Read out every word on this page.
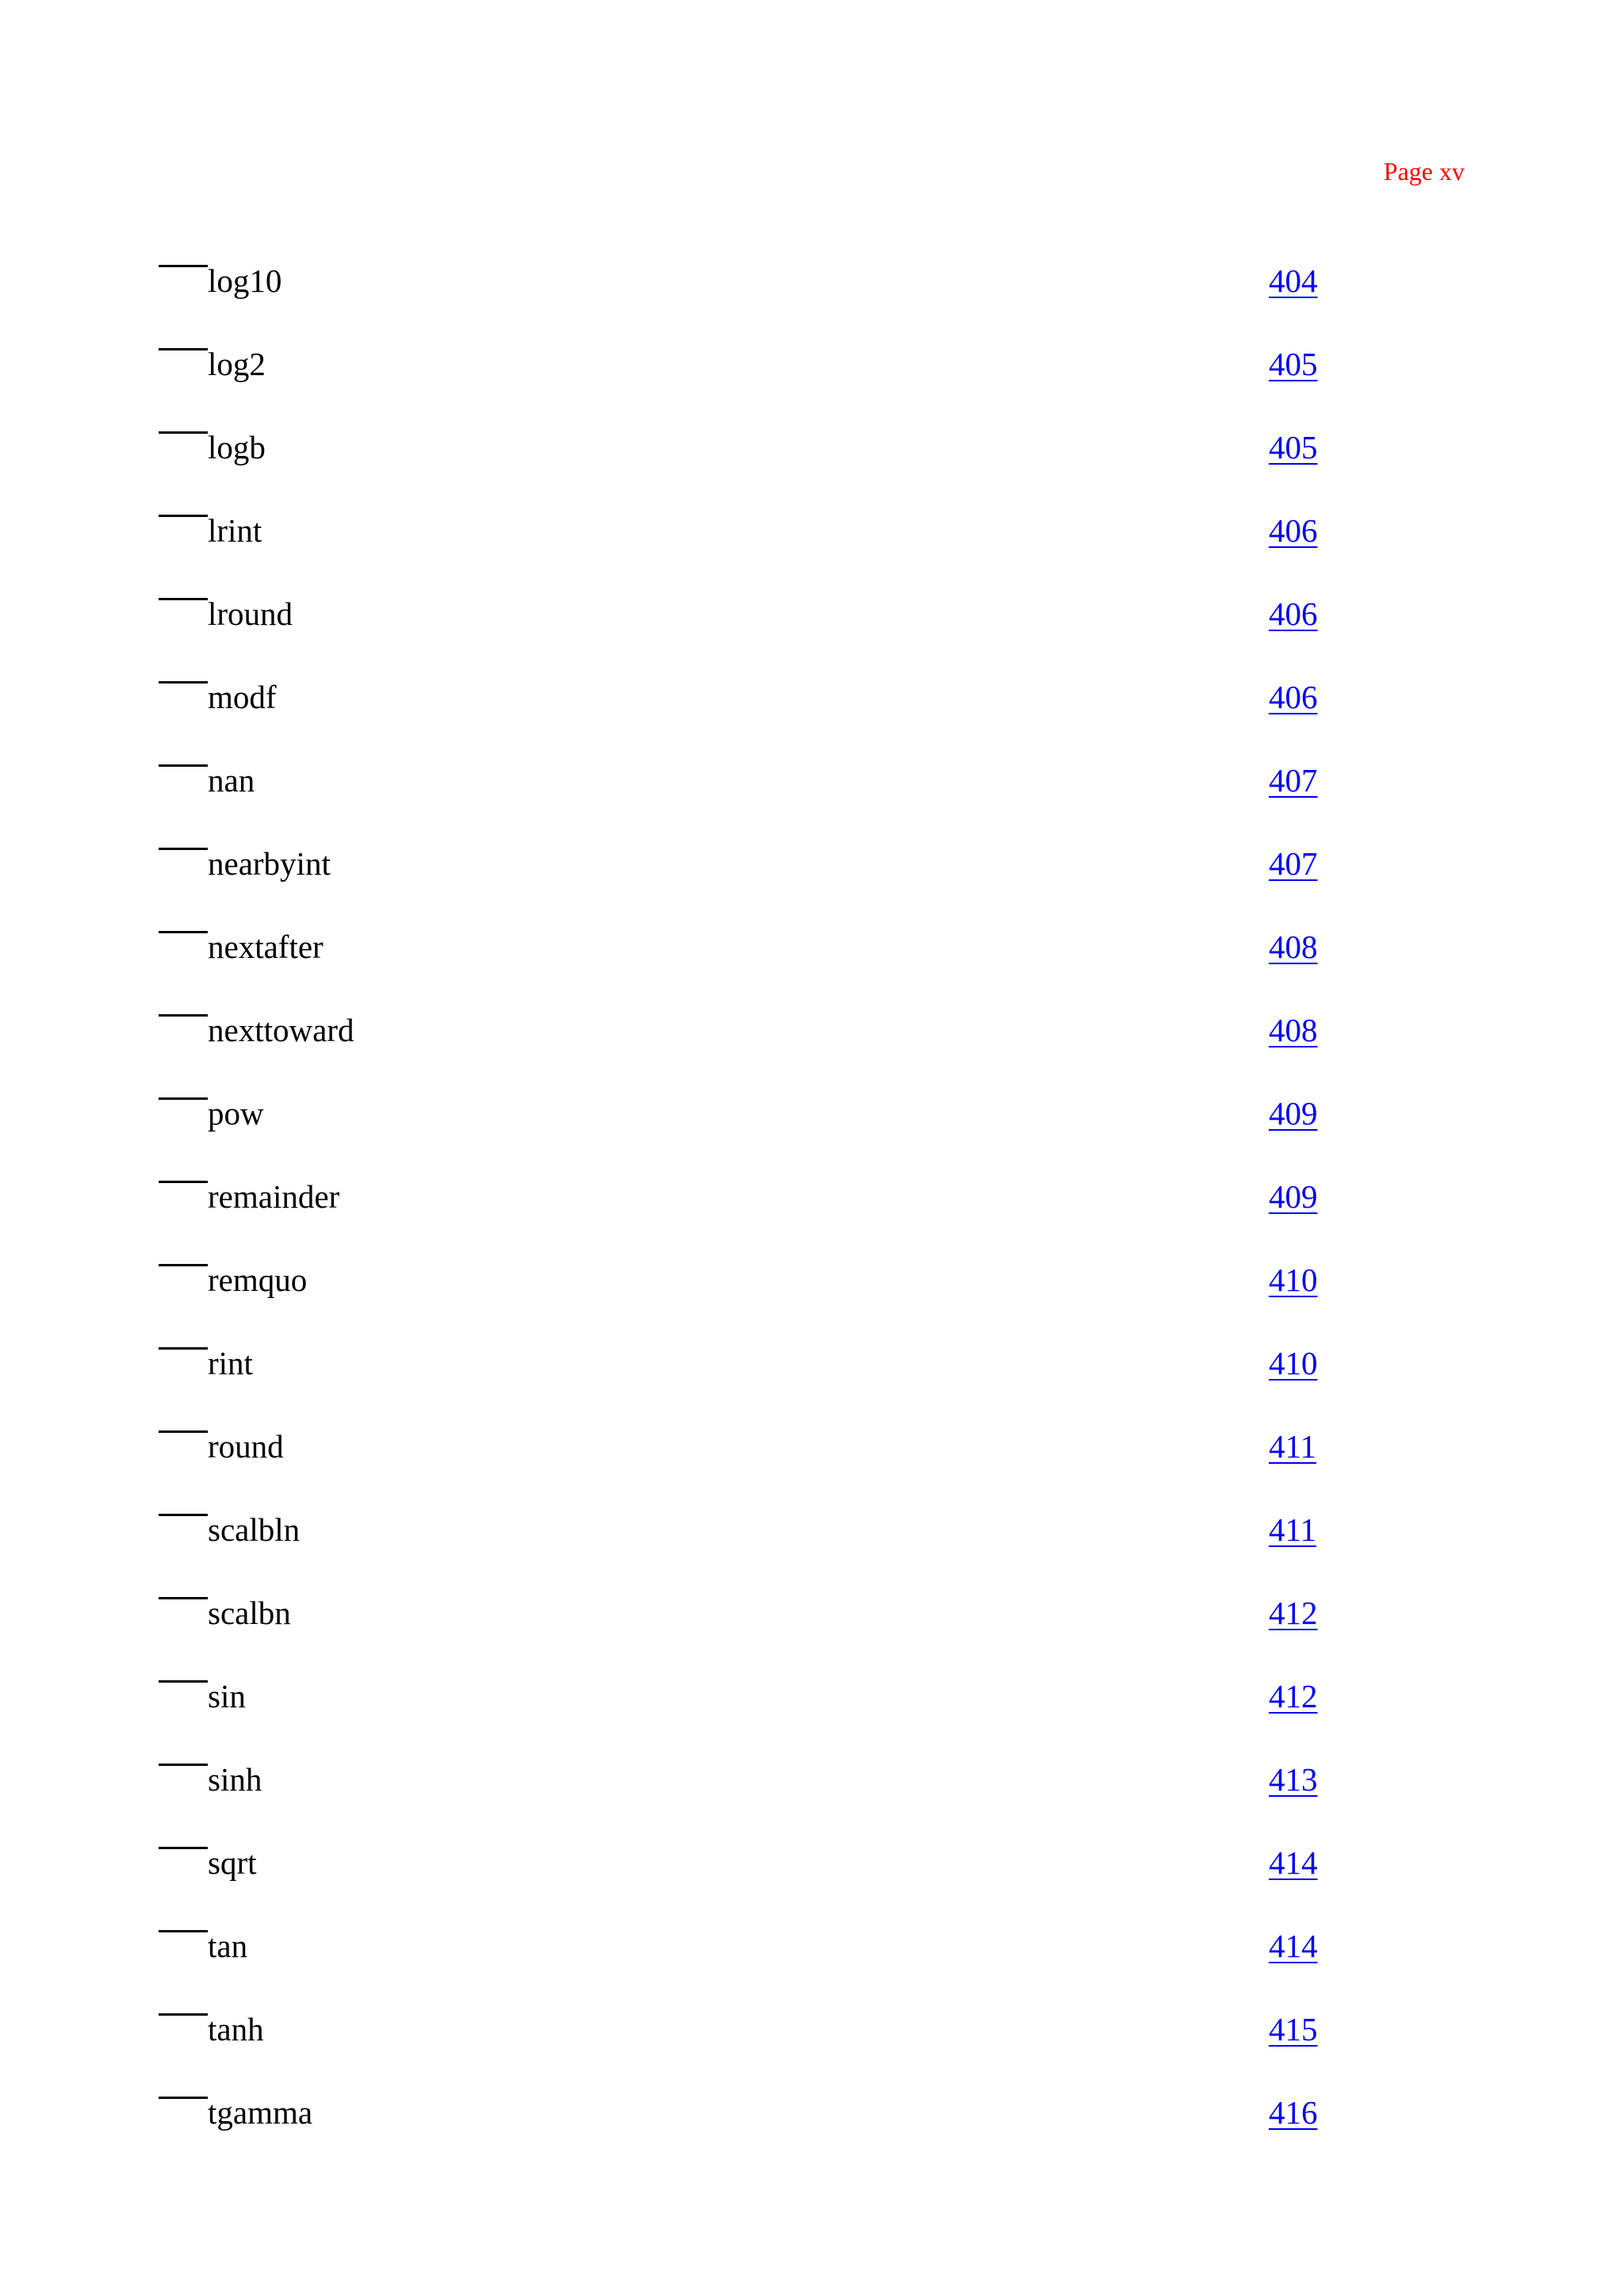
Page xv
log10	404
log2	405
logb	405
lrint	406
lround	406
modf	406
nan	407
nearbyint	407
nextafter	408
nexttoward	408
pow	409
remainder	409
remquo	410
rint	410
round	411
scalbln	411
scalbn	412
sin	412
sinh	413
sqrt	414
tan	414
tanh	415
tgamma	416
